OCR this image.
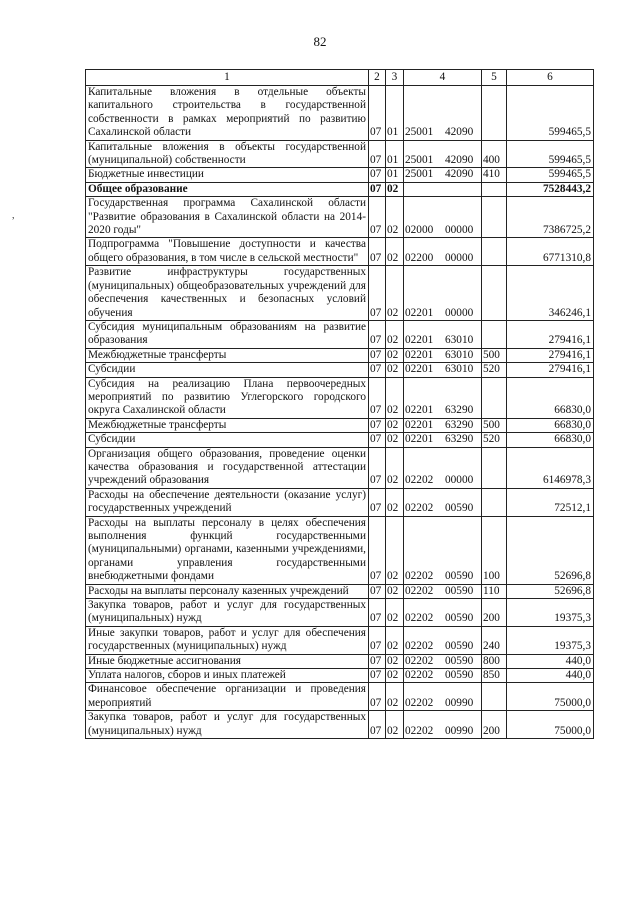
82
,
1	2	3	4	5	6
Капитальные вложения в отдельные объекты капитального строительства в государственной собственности в рамках мероприятий по развитию Сахалинской области	07	01	25001 42090		599465,5
Капитальные вложения в объекты государственной (муниципальной) собственности	07	01	25001 42090	400	599465,5
Бюджетные инвестиции	07	01	25001 42090	410	599465,5
Общее образование	07	02			7528443,2
Государственная программа Сахалинской области "Развитие образования в Сахалинской области на 2014-2020 годы"	07	02	02000 00000		7386725,2
Подпрограмма "Повышение доступности и качества общего образования, в том числе в сельской местности"	07	02	02200 00000		6771310,8
Развитие инфраструктуры государственных (муниципальных) общеобразовательных учреждений для обеспечения качественных и безопасных условий обучения	07	02	02201 00000		346246,1
Субсидия муниципальным образованиям на развитие образования	07	02	02201 63010		279416,1
Межбюджетные трансферты	07	02	02201 63010	500	279416,1
Субсидии	07	02	02201 63010	520	279416,1
Субсидия на реализацию Плана первоочередных мероприятий по развитию Углегорского городского округа Сахалинской области	07	02	02201 63290		66830,0
Межбюджетные трансферты	07	02	02201 63290	500	66830,0
Субсидии	07	02	02201 63290	520	66830,0
Организация общего образования, проведение оценки качества образования и государственной аттестации учреждений образования	07	02	02202 00000		6146978,3
Расходы на обеспечение деятельности (оказание услуг) государственных учреждений	07	02	02202 00590		72512,1
Расходы на выплаты персоналу в целях обеспечения выполнения функций государственными (муниципальными) органами, казенными учреждениями, органами управления государственными внебюджетными фондами	07	02	02202 00590	100	52696,8
Расходы на выплаты персоналу казенных учреждений	07	02	02202 00590	110	52696,8
Закупка товаров, работ и услуг для государственных (муниципальных) нужд	07	02	02202 00590	200	19375,3
Иные закупки товаров, работ и услуг для обеспечения государственных (муниципальных) нужд	07	02	02202 00590	240	19375,3
Иные бюджетные ассигнования	07	02	02202 00590	800	440,0
Уплата налогов, сборов и иных платежей	07	02	02202 00590	850	440,0
Финансовое обеспечение организации и проведения мероприятий	07	02	02202 00990		75000,0
Закупка товаров, работ и услуг для государственных (муниципальных) нужд	07	02	02202 00990	200	75000,0
